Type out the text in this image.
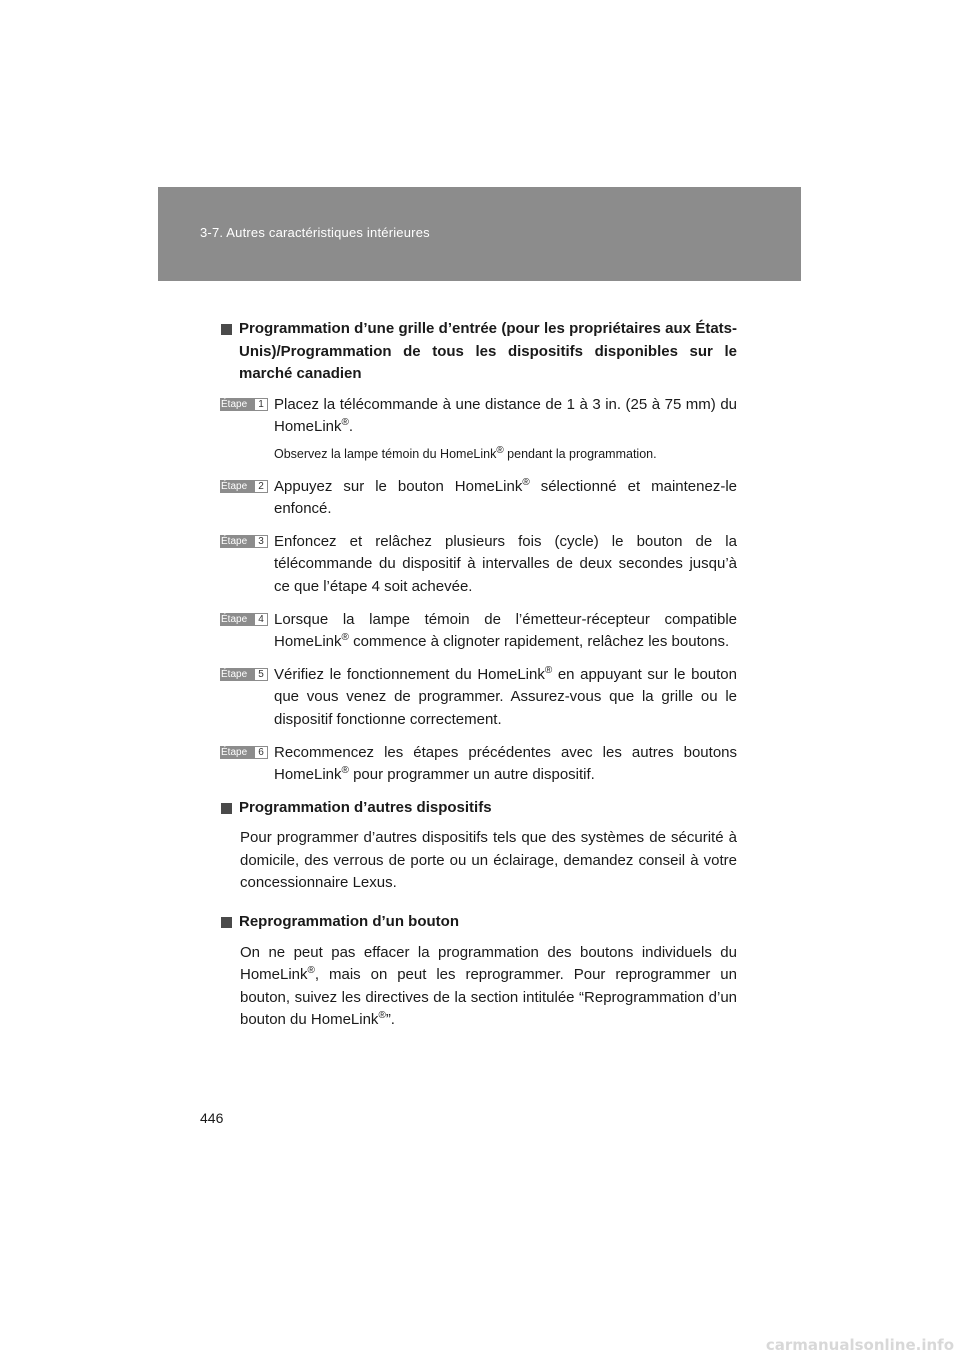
3-7. Autres caractéristiques intérieures
Programmation d’une grille d’entrée (pour les propriétaires aux États-Unis)/Programmation de tous les dispositifs disponibles sur le marché canadien
Étape	1 Placez la télécommande à une distance de 1 à 3 in. (25 à 75 mm) du HomeLink®.
Observez la lampe témoin du HomeLink® pendant la programmation.
Étape	2 Appuyez sur le bouton HomeLink® sélectionné et maintenez-le enfoncé.
Étape	3 Enfoncez et relâchez plusieurs fois (cycle) le bouton de la télécommande du dispositif à intervalles de deux secondes jusqu’à ce que l’étape 4 soit achevée.
Étape	4 Lorsque la lampe témoin de l’émetteur-récepteur compatible HomeLink® commence à clignoter rapidement, relâchez les boutons.
Étape	5 Vérifiez le fonctionnement du HomeLink® en appuyant sur le bouton que vous venez de programmer. Assurez-vous que la grille ou le dispositif fonctionne correctement.
Étape	6 Recommencez les étapes précédentes avec les autres boutons HomeLink® pour programmer un autre dispositif.
Programmation d’autres dispositifs
Pour programmer d’autres dispositifs tels que des systèmes de sécurité à domicile, des verrous de porte ou un éclairage, demandez conseil à votre concessionnaire Lexus.
Reprogrammation d’un bouton
On ne peut pas effacer la programmation des boutons individuels du HomeLink®, mais on peut les reprogrammer. Pour reprogrammer un bouton, suivez les directives de la section intitulée “Reprogrammation d’un bouton du HomeLink®”.
446
carmanualsonline.info
